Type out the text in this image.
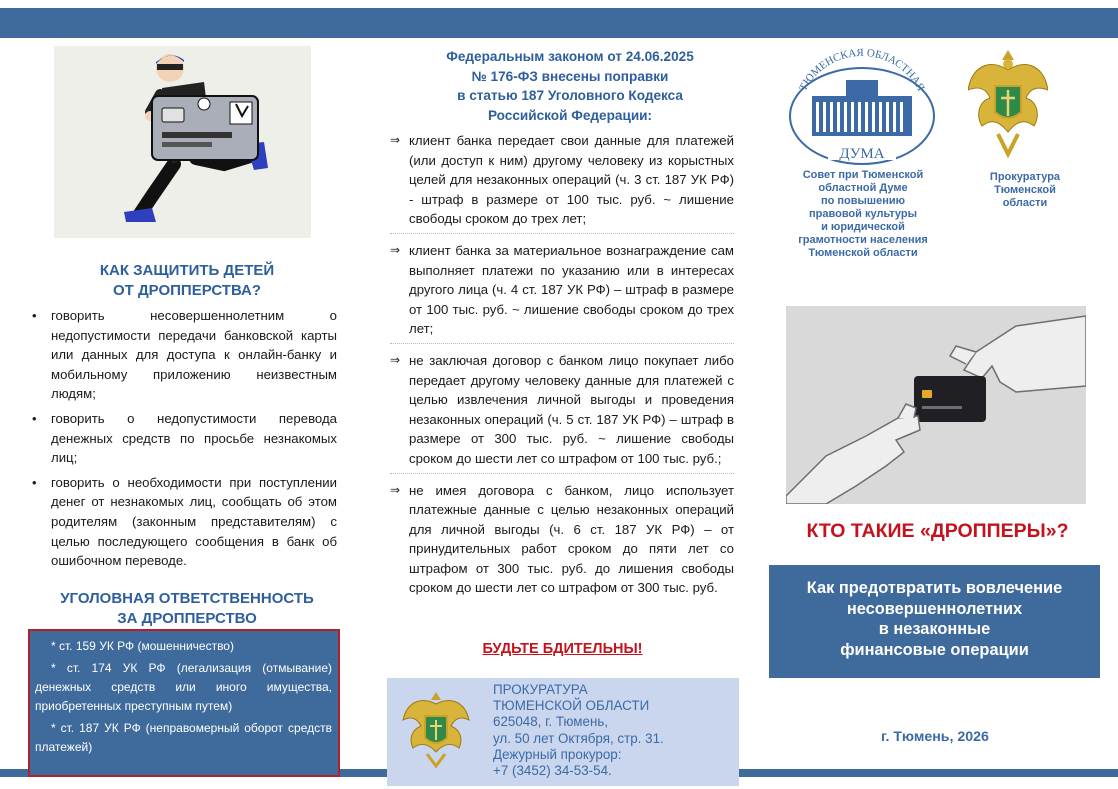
КАК ЗАЩИТИТЬ ДЕТЕЙ
ОТ ДРОППЕРСТВА?
• говорить несовершеннолетним о недопустимости передачи банковской карты или данных для доступа к онлайн-банку и мобильному приложению неизвестным людям;
• говорить о недопустимости перевода денежных средств по просьбе незнакомых лиц;
• говорить о необходимости при поступлении денег от незнакомых лиц, сообщать об этом родителям (законным представителям) с целью последующего сообщения в банк об ошибочном переводе.
УГОЛОВНАЯ ОТВЕТСТВЕННОСТЬ
ЗА ДРОППЕРСТВО

* ст. 159 УК РФ (мошенничество)

* ст. 174 УК РФ (легализация (отмывание) денежных средств или иного имущества, приобретенных преступным путем)

* ст. 187 УК РФ (неправомерный оборот средств платежей)

Федеральным законом от 24.06.2025
№ 176-ФЗ внесены поправки
в статью 187 Уголовного Кодекса
Российской Федерации:
⇒ клиент банка передает свои данные для платежей (или доступ к ним) другому человеку из корыстных целей для незаконных операций (ч. 3 ст. 187 УК РФ) - штраф в размере от 100 тыс. руб. ~ лишение свободы сроком до трех лет;
⇒ клиент банка за материальное вознаграждение сам выполняет платежи по указанию или в интересах другого лица (ч. 4 ст. 187 УК РФ) – штраф в размере от 100 тыс. руб. ~ лишение свободы сроком до трех лет;
⇒ не заключая договор с банком лицо покупает либо передает другому человеку данные для платежей с целью извлечения личной выгоды и проведения незаконных операций (ч. 5 ст. 187 УК РФ) – штраф в размере от 300 тыс. руб. ~ лишение свободы сроком до шести лет со штрафом от 100 тыс. руб.;
⇒ не имея договора с банком, лицо использует платежные данные с целью незаконных операций для личной выгоды (ч. 6 ст. 187 УК РФ) – от принудительных работ сроком до пяти лет со штрафом от 300 тыс. руб. до лишения свободы сроком до шести лет со штрафом от 300 тыс. руб.
БУДЬТЕ БДИТЕЛЬНЫ!
ПРОКУРАТУРА
ТЮМЕНСКОЙ ОБЛАСТИ
625048, г. Тюмень,
ул. 50 лет Октября, стр. 31.
Дежурный прокурор:
+7 (3452) 34-53-54.
ТЮМЕНСКАЯ ОБЛАСТНАЯ
ДУМА
Совет при Тюменской
областной Думе
по повышению
правовой культуры
и юридической
грамотности населения
Тюменской области
Прокуратура
Тюменской
области
КТО ТАКИЕ «ДРОППЕРЫ»?
Как предотвратить вовлечение
несовершеннолетних
в незаконные
финансовые операции
г. Тюмень, 2026
